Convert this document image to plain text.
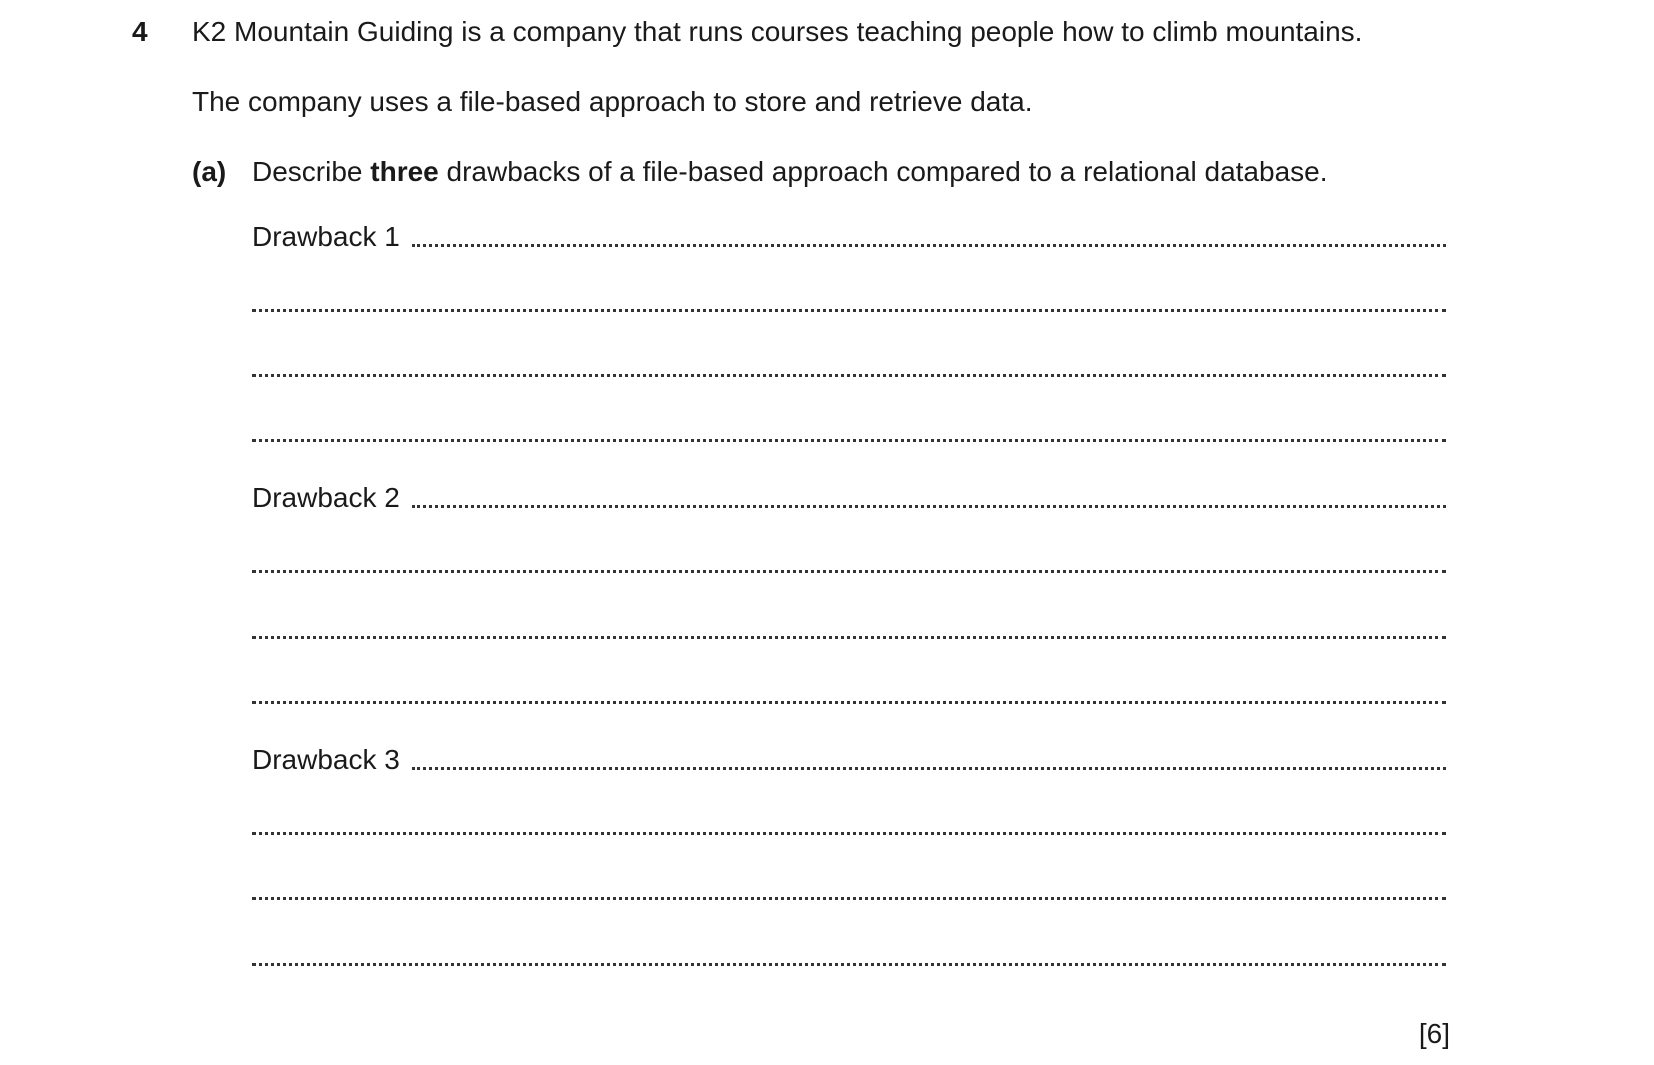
4 K2 Mountain Guiding is a company that runs courses teaching people how to climb mountains.
The company uses a file-based approach to store and retrieve data.
(a) Describe three drawbacks of a file-based approach compared to a relational database.
Drawback 1
Drawback 2
Drawback 3
[6]
